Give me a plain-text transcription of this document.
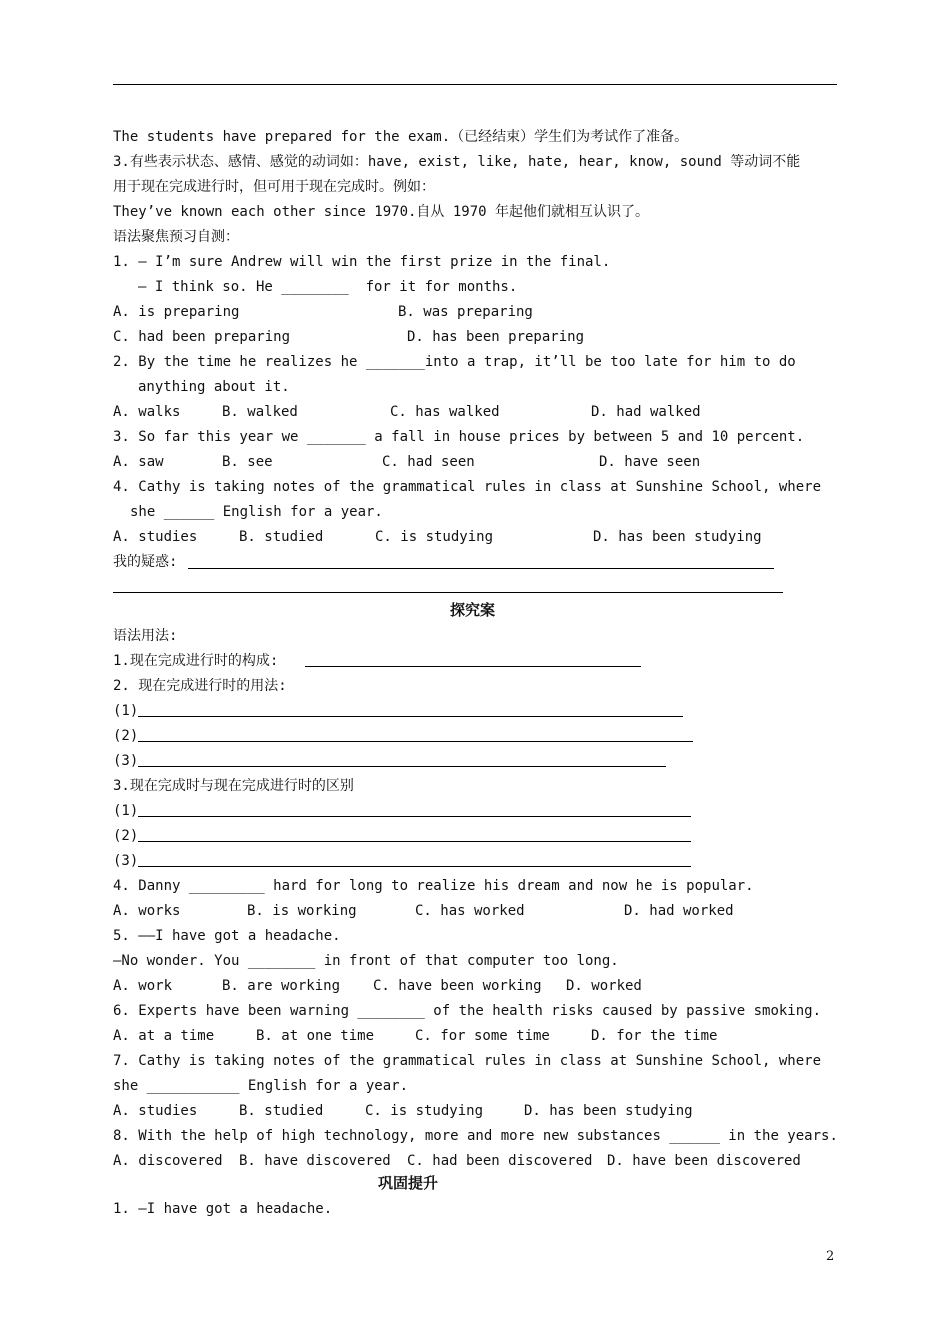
The students have prepared for the exam.（已经结束）学生们为考试作了准备。
3.有些表示状态、感情、感觉的动词如：have, exist, like, hate, hear, know, sound 等动词不能
用于现在完成进行时，但可用于现在完成时。例如：
They’ve known each other since 1970.自从 1970 年起他们就相互认识了。
语法聚焦预习自测：
1. — I’m sure Andrew will win the first prize in the final.
— I think so. He ________  for it for months.
A. is preparing	B. was preparing
C. had been preparing	D. has been preparing
2. By the time he realizes he _______into a trap, it’ll be too late for him to do
anything about it.
A. walks	B. walked	C. has walked	D. had walked
3. So far this year we _______ a fall in house prices by between 5 and 10 percent.
A. saw	B. see	C. had seen	D. have seen
4. Cathy is taking notes of the grammatical rules in class at Sunshine School, where
she ______ English for a year.
A. studies	B. studied	C. is studying	D. has been studying
我的疑惑:
探究案
语法用法:
1.现在完成进行时的构成:
2. 现在完成进行时的用法:
(1)
(2)
(3)
3.现在完成时与现在完成进行时的区别
(1)
(2)
(3)
4. Danny _________ hard for long to realize his dream and now he is popular.
A. works	B. is working	C. has worked	D. had worked
5. ——I have got a headache.
—No wonder. You ________ in front of that computer too long.
A. work	B. are working C. have been working D. worked
6. Experts have been warning ________ of the health risks caused by passive smoking.
A. at a time	B. at one time	C. for some time	D. for the time
7. Cathy is taking notes of the grammatical rules in class at Sunshine School, where
she ___________ English for a year.
A. studies	B. studied	C. is studying	D. has been studying
8. With the help of high technology, more and more new substances ______ in the years.
A. discovered B. have discovered C. had been discovered D. have been discovered
巩固提升
1. —I have got a headache.
2
